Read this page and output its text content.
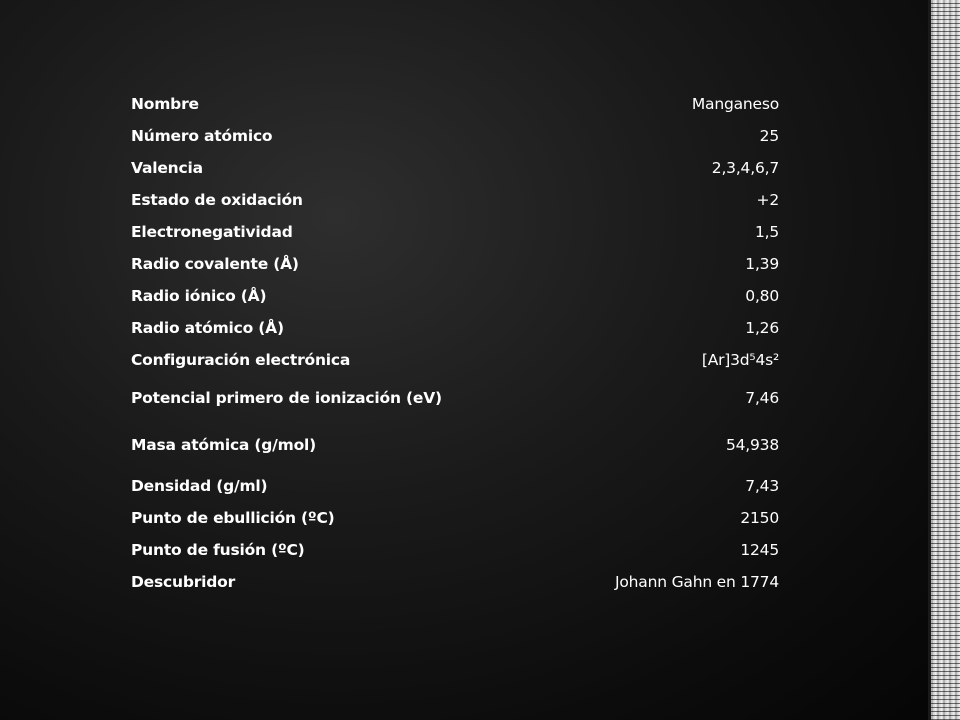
Nombre	Manganeso
Número atómico	25
Valencia	2,3,4,6,7
Estado de oxidación	+2
Electronegatividad	1,5
Radio covalente (Å)	1,39
Radio iónico (Å)	0,80
Radio atómico (Å)	1,26
Configuración electrónica	[Ar]3d⁵4s²
Potencial primero de ionización (eV)	7,46
Masa atómica (g/mol)	54,938
Densidad (g/ml)	7,43
Punto de ebullición (ºC)	2150
Punto de fusión (ºC)	1245
Descubridor	Johann Gahn en 1774
